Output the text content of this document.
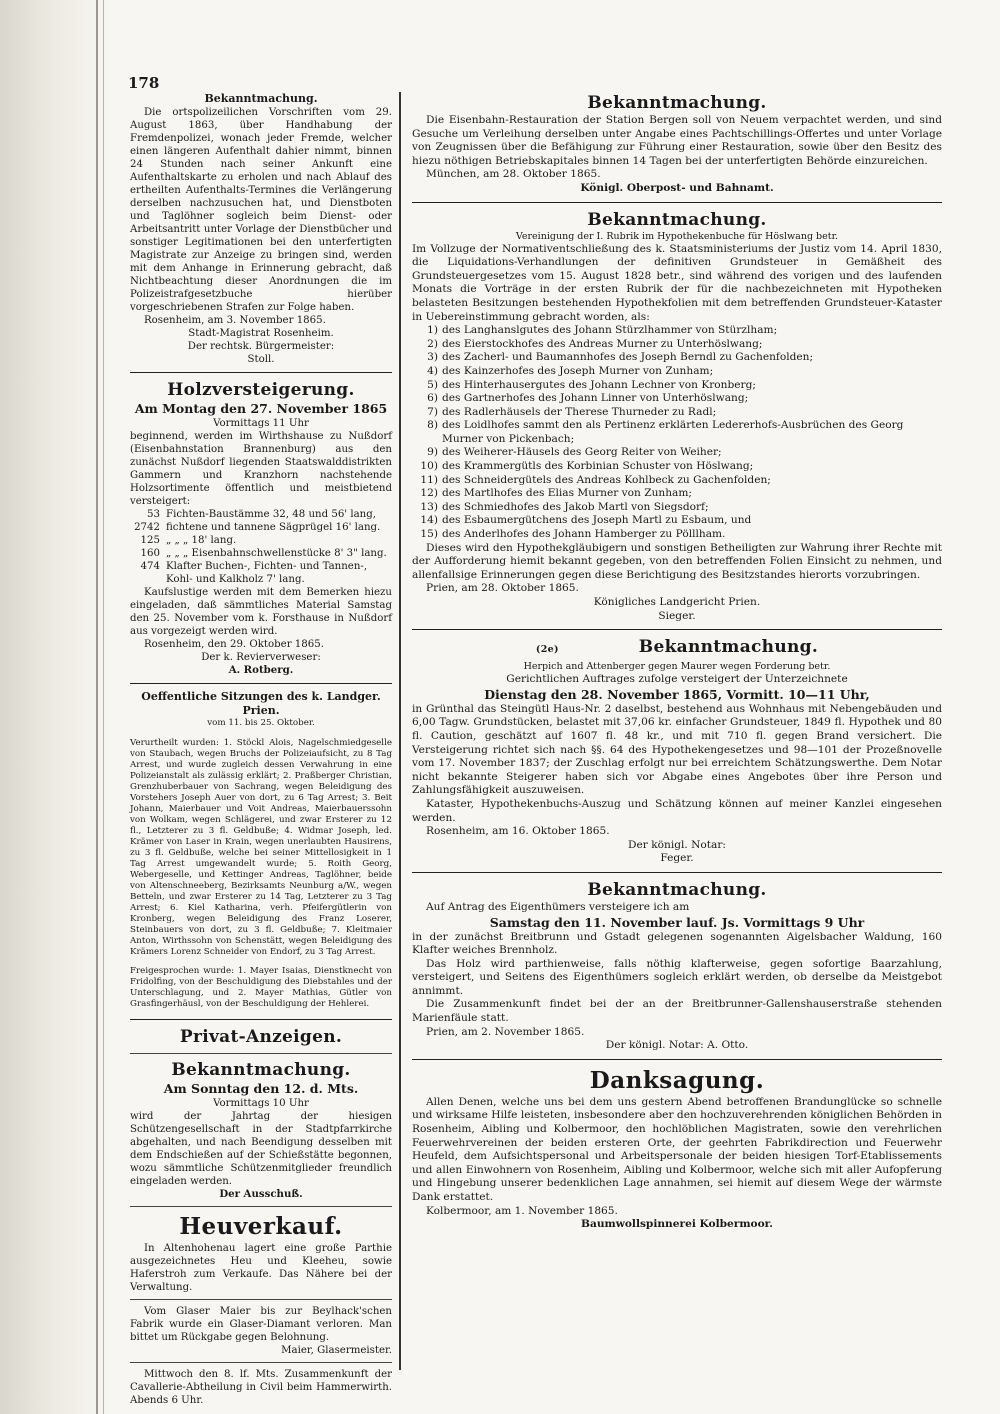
178
Bekanntmachung.

Die ortspolizeilichen Vorschriften vom 29. August 1863, über Handhabung der Fremdenpolizei, wonach jeder Fremde, welcher einen längeren Aufenthalt dahier nimmt, binnen 24 Stunden nach seiner Ankunft eine Aufenthaltskarte zu erholen und nach Ablauf des ertheilten Aufenthalts-Termines die Verlängerung derselben nachzusuchen hat, und Dienstboten und Taglöhner sogleich beim Dienst- oder Arbeitsantritt unter Vorlage der Dienstbücher und sonstiger Legitimationen bei den unterfertigten Magistrate zur Anzeige zu bringen sind, werden mit dem Anhange in Erinnerung gebracht, daß Nichtbeachtung dieser Anordnungen die im Polizeistrafgesetzbuche hierüber vorgeschriebenen Strafen zur Folge haben.

Rosenheim, am 3. November 1865.
Stadt-Magistrat Rosenheim.
Der rechtsk. Bürgermeister:
Stoll.
Holzversteigerung.
Am Montag den 27. November 1865
Vormittags 11 Uhr

beginnend, werden im Wirthshause zu Nußdorf (Eisenbahnstation Brannenburg) aus den zunächst Nußdorf liegenden Staatswalddistrikten Gammern und Kranzhorn nachstehende Holzsortimente öffentlich und meistbietend versteigert:

53 Fichten-Baustämme 32, 48 und 56' lang,
2742 fichtene und tannene Sägprügel 16' lang.
125 „ „ „ 18' lang.
160 „ „ „ Eisenbahnschwellenstücke 8' 3" lang.
474 Klafter Buchen-, Fichten- und Tannen-, Kohl- und Kalkholz 7' lang.

Kaufslustige werden mit dem Bemerken hiezu eingeladen, daß sämmtliches Material Samstag den 25. November vom k. Forsthause in Nußdorf aus vorgezeigt werden wird.

Rosenheim, den 29. Oktober 1865.
Der k. Revierverweser:
A. Rotberg.
Oeffentliche Sitzungen des k. Landger. Prien.
vom 11. bis 25. Oktober.

Verurtheilt wurden: 1. Stöckl Alois, Nagelschmiedgeselle von Staubach, wegen Bruchs der Polizeiaufsicht, zu 8 Tag Arrest, und wurde zugleich dessen Verwahrung in eine Polizeianstalt als zulässig erklärt; 2. Praßberger Christian, Grenzhuberbauer von Sachrang, wegen Beleidigung des Vorstehers Joseph Auer von dort, zu 6 Tag Arrest; 3. Beit Johann, Maierbauer und Voit Andreas, Maierbauerssohn von Wolkam, wegen Schlägerei, und zwar Ersterer zu 12 fl., Letzterer zu 3 fl. Geldbuße; 4. Widmar Joseph, led. Krämer von Laser in Krain, wegen unerlaubten Hausirens, zu 3 fl. Geldbuße, welche bei seiner Mittellosigkeit in 1 Tag Arrest umgewandelt wurde; 5. Roith Georg, Webergeselle, und Kettinger Andreas, Taglöhner, beide von Altenschneeberg, Bezirksamts Neunburg a/W., wegen Betteln, und zwar Ersterer zu 14 Tag, Letzterer zu 3 Tag Arrest; 6. Kiel Katharina, verh. Pfeifergütlerin von Kronberg, wegen Beleidigung des Franz Loserer, Steinbauers von dort, zu 3 fl. Geldbuße; 7. Kleitmaier Anton, Wirthssohn von Schenstätt, wegen Beleidigung des Krämers Lorenz Schneider von Endorf, zu 3 Tag Arrest.

Freigesprochen wurde: 1. Mayer Isaias, Dienstknecht von Fridolfing, von der Beschuldigung des Diebstahles und der Unterschlagung, und 2. Mayer Mathias, Gütler von Grasfingerhäusl, von der Beschuldigung der Hehlerei.

Privat-Anzeigen.
Bekanntmachung.
Am Sonntag den 12. d. Mts.
Vormittags 10 Uhr

wird der Jahrtag der hiesigen Schützengesellschaft in der Stadtpfarrkirche abgehalten, und nach Beendigung desselben mit dem Endschießen auf der Schießstätte begonnen, wozu sämmtliche Schützenmitglieder freundlich eingeladen werden.

Der Ausschuß.
Heuverkauf.

In Altenhohenau lagert eine große Parthie ausgezeichnetes Heu und Kleeheu, sowie Haferstroh zum Verkaufe. Das Nähere bei der Verwaltung.

Vom Glaser Maier bis zur Beylhack'schen Fabrik wurde ein Glaser-Diamant verloren. Man bittet um Rückgabe gegen Belohnung.

Maier, Glasermeister.

Mittwoch den 8. lf. Mts. Zusammenkunft der Cavallerie-Abtheilung in Civil beim Hammerwirth. Abends 6 Uhr.

Bekanntmachung.

Die Eisenbahn-Restauration der Station Bergen soll von Neuem verpachtet werden, und sind Gesuche um Verleihung derselben unter Angabe eines Pachtschillings-Offertes und unter Vorlage von Zeugnissen über die Befähigung zur Führung einer Restauration, sowie über den Besitz des hiezu nöthigen Betriebskapitales binnen 14 Tagen bei der unterfertigten Behörde einzureichen.

München, am 28. Oktober 1865.
Königl. Oberpost- und Bahnamt.
Bekanntmachung.
Vereinigung der I. Rubrik im Hypothekenbuche für Höslwang betr.

Im Vollzuge der Normativentschließung des k. Staatsministeriums der Justiz vom 14. April 1830, die Liquidations-Verhandlungen der definitiven Grundsteuer in Gemäßheit des Grundsteuergesetzes vom 15. August 1828 betr., sind während des vorigen und des laufenden Monats die Vorträge in der ersten Rubrik der für die nachbezeichneten mit Hypotheken belasteten Besitzungen bestehenden Hypothekfolien mit dem betreffenden Grundsteuer-Kataster in Uebereinstimmung gebracht worden, als:

1) des Langhanslgutes des Johann Stürzlhammer von Stürzlham;
2) des Eierstockhofes des Andreas Murner zu Unterhöslwang;
3) des Zacherl- und Baumannhofes des Joseph Berndl zu Gachenfolden;
4) des Kainzerhofes des Joseph Murner von Zunham;
5) des Hinterhausergutes des Johann Lechner von Kronberg;
6) des Gartnerhofes des Johann Linner von Unterhöslwang;
7) des Radlerhäusels der Therese Thurneder zu Radl;
8) des Loidlhofes sammt den als Pertinenz erklärten Ledererhofs-Ausbrüchen des Georg Murner von Pickenbach;
9) des Weiherer-Häusels des Georg Reiter von Weiher;
10) des Krammergütls des Korbinian Schuster von Höslwang;
11) des Schneidergütels des Andreas Kohlbeck zu Gachenfolden;
12) des Martlhofes des Elias Murner von Zunham;
13) des Schmiedhofes des Jakob Martl von Siegsdorf;
14) des Esbaumergütchens des Joseph Martl zu Esbaum, und
15) des Anderlhofes des Johann Hamberger zu Pölllham.

Dieses wird den Hypothekgläubigern und sonstigen Betheiligten zur Wahrung ihrer Rechte mit der Aufforderung hiemit bekannt gegeben, von den betreffenden Folien Einsicht zu nehmen, und allenfallsige Erinnerungen gegen diese Berichtigung des Besitzstandes hierorts vorzubringen.

Prien, am 28. Oktober 1865.
Königliches Landgericht Prien.
Sieger.
(2e)	Bekanntmachung.
Herpich and Attenberger gegen Maurer wegen Forderung betr.
Gerichtlichen Auftrages zufolge versteigert der Unterzeichnete
Dienstag den 28. November 1865, Vormitt. 10—11 Uhr,

in Grünthal das Steingütl Haus-Nr. 2 daselbst, bestehend aus Wohnhaus mit Nebengebäuden und 6,00 Tagw. Grundstücken, belastet mit 37,06 kr. einfacher Grundsteuer, 1849 fl. Hypothek und 80 fl. Caution, geschätzt auf 1607 fl. 48 kr., und mit 710 fl. gegen Brand versichert. Die Versteigerung richtet sich nach §§. 64 des Hypothekengesetzes und 98—101 der Prozeßnovelle vom 17. November 1837; der Zuschlag erfolgt nur bei erreichtem Schätzungswerthe. Dem Notar nicht bekannte Steigerer haben sich vor Abgabe eines Angebotes über ihre Person und Zahlungsfähigkeit auszuweisen.

Kataster, Hypothekenbuchs-Auszug und Schätzung können auf meiner Kanzlei eingesehen werden.

Rosenheim, am 16. Oktober 1865.
Der königl. Notar:
Feger.
Bekanntmachung.
Auf Antrag des Eigenthümers versteigere ich am
Samstag den 11. November lauf. Js. Vormittags 9 Uhr

in der zunächst Breitbrunn und Gstadt gelegenen sogenannten Aigelsbacher Waldung, 160 Klafter weiches Brennholz.

Das Holz wird parthienweise, falls nöthig klafterweise, gegen sofortige Baarzahlung, versteigert, und Seitens des Eigenthümers sogleich erklärt werden, ob derselbe da Meistgebot annimmt.

Die Zusammenkunft findet bei der an der Breitbrunner-Gallenshauserstraße stehenden Marienfäule statt.

Prien, am 2. November 1865.
Der königl. Notar: A. Otto.
Danksagung.

Allen Denen, welche uns bei dem uns gestern Abend betroffenen Brandunglücke so schnelle und wirksame Hilfe leisteten, insbesondere aber den hochzuverehrenden königlichen Behörden in Rosenheim, Aibling und Kolbermoor, den hochlöblichen Magistraten, sowie den verehrlichen Feuerwehrvereinen der beiden ersteren Orte, der geehrten Fabrikdirection und Feuerwehr Heufeld, dem Aufsichtspersonal und Arbeitspersonale der beiden hiesigen Torf-Etablissements und allen Einwohnern von Rosenheim, Aibling und Kolbermoor, welche sich mit aller Aufopferung und Hingebung unserer bedenklichen Lage annahmen, sei hiemit auf diesem Wege der wärmste Dank erstattet.

Kolbermoor, am 1. November 1865.
Baumwollspinnerei Kolbermoor.
